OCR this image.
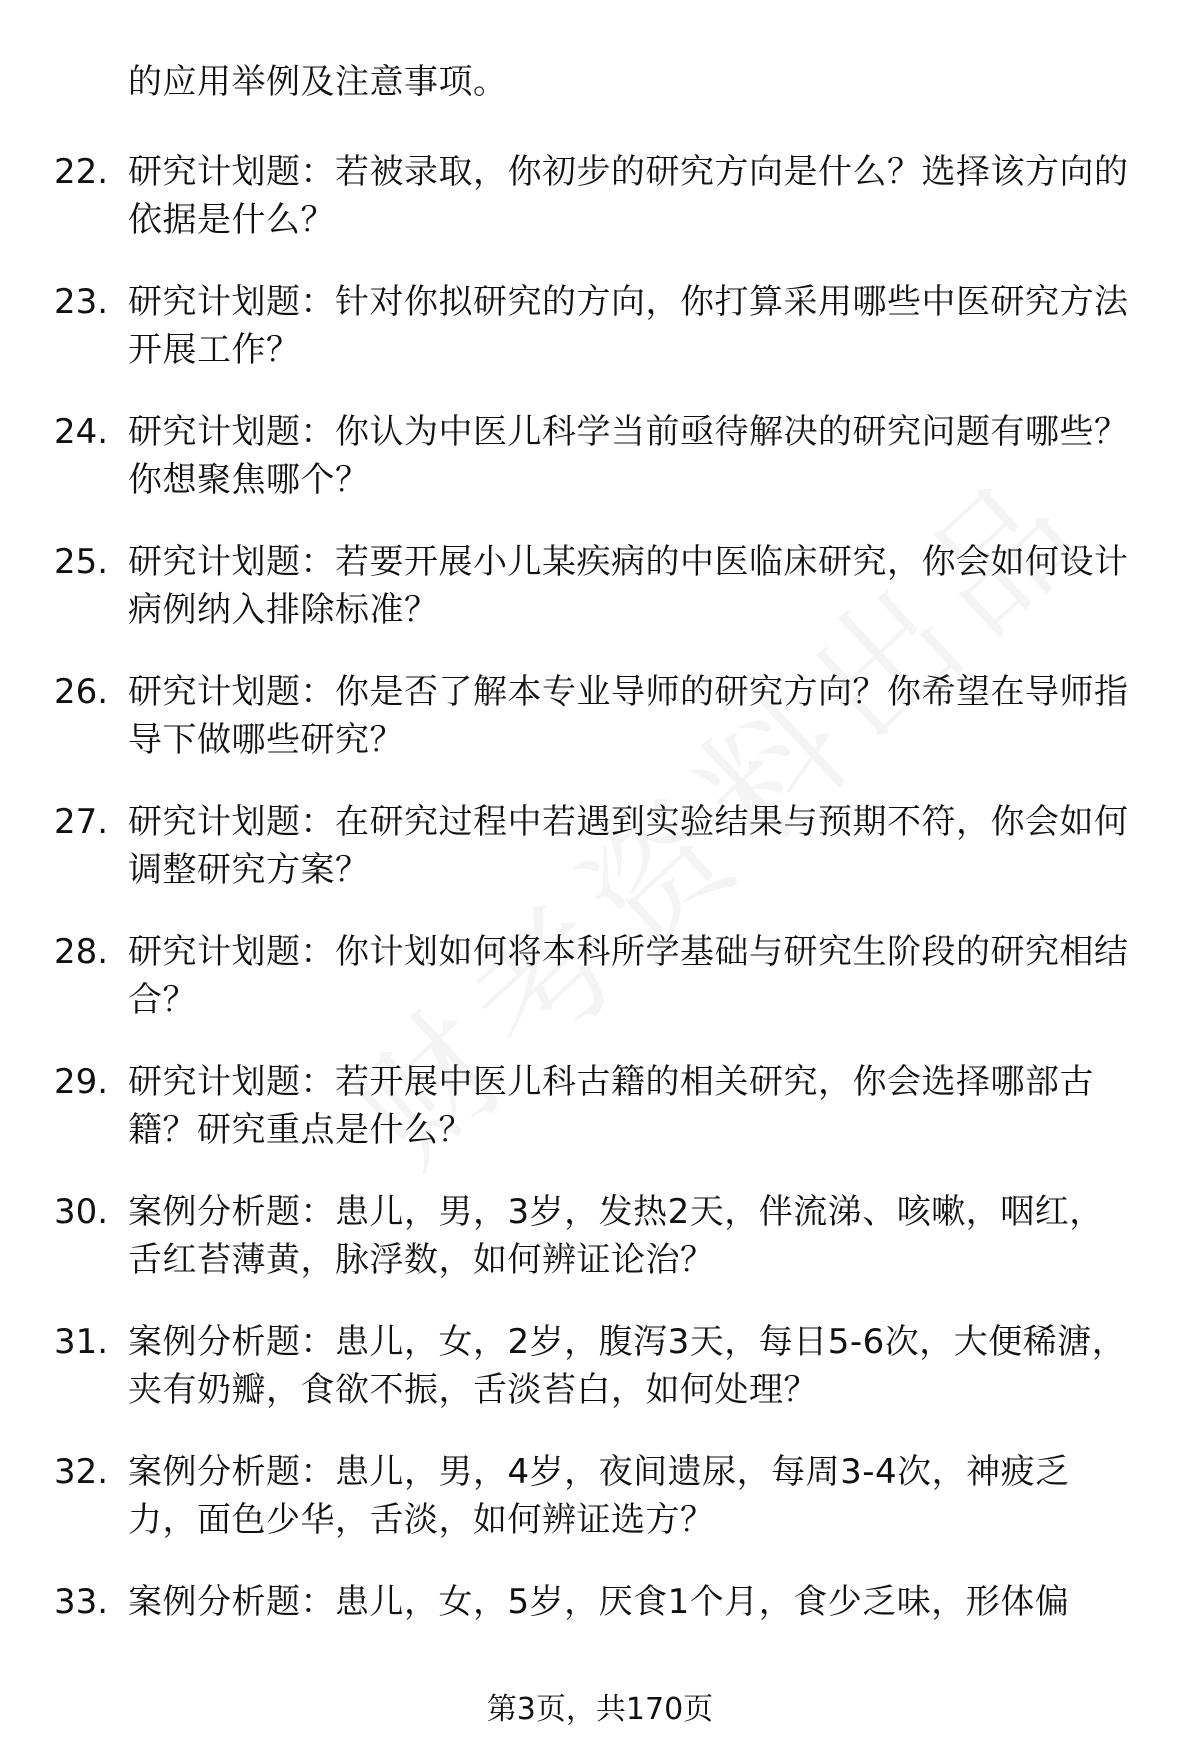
的应用举例及注意事项。
22. 研究计划题：若被录取，你初步的研究方向是什么？选择该方向的依据是什么？
23. 研究计划题：针对你拟研究的方向，你打算采用哪些中医研究方法开展工作？
24. 研究计划题：你认为中医儿科学当前亟待解决的研究问题有哪些？你想聚焦哪个？
25. 研究计划题：若要开展小儿某疾病的中医临床研究，你会如何设计病例纳入排除标准？
26. 研究计划题：你是否了解本专业导师的研究方向？你希望在导师指导下做哪些研究？
27. 研究计划题：在研究过程中若遇到实验结果与预期不符，你会如何调整研究方案？
28. 研究计划题：你计划如何将本科所学基础与研究生阶段的研究相结合？
29. 研究计划题：若开展中医儿科古籍的相关研究，你会选择哪部古籍？研究重点是什么？
30. 案例分析题：患儿，男，3岁，发热2天，伴流涕、咳嗽，咽红，舌红苔薄黄，脉浮数，如何辨证论治？
31. 案例分析题：患儿，女，2岁，腹泻3天，每日5-6次，大便稀溏，夹有奶瓣，食欲不振，舌淡苔白，如何处理？
32. 案例分析题：患儿，男，4岁，夜间遗尿，每周3-4次，神疲乏力，面色少华，舌淡，如何辨证选方？
33. 案例分析题：患儿，女，5岁，厌食1个月，食少乏味，形体偏
第3页，共170页
